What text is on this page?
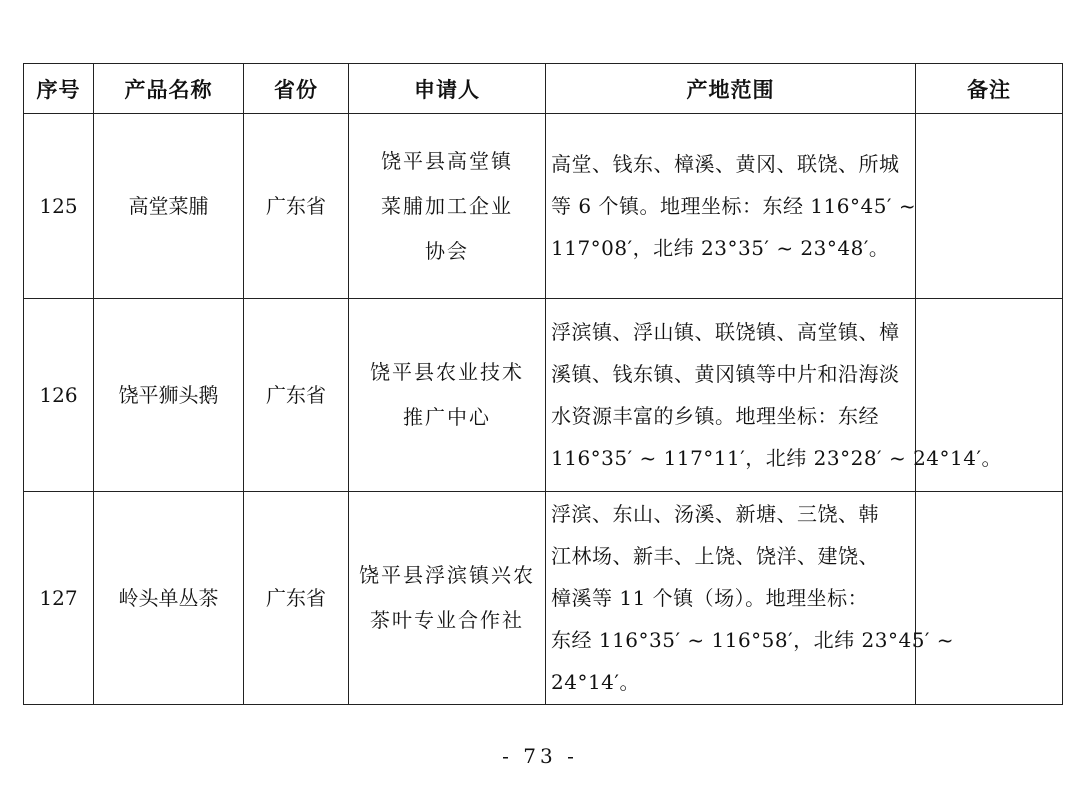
序号	产品名称	省份	申请人	产地范围	备注
125	高堂菜脯	广东省	饶平县高堂镇
菜脯加工企业
协会	高堂、钱东、樟溪、黄冈、联饶、所城
等 6 个镇。地理坐标：东经 116°45′ ~
117°08′，北纬 23°35′ ~ 23°48′。	

126	饶平狮头鹅	广东省	饶平县农业技术
推广中心	浮滨镇、浮山镇、联饶镇、高堂镇、樟
溪镇、钱东镇、黄冈镇等中片和沿海淡
水资源丰富的乡镇。地理坐标：东经
116°35′ ~ 117°11′，北纬 23°28′ ~ 24°14′。	

127	岭头单丛茶	广东省	饶平县浮滨镇兴农
茶叶专业合作社	浮滨、东山、汤溪、新塘、三饶、韩
江林场、新丰、上饶、饶洋、建饶、
樟溪等 11 个镇（场）。地理坐标：
东经 116°35′ ~ 116°58′，北纬 23°45′ ~
24°14′。	

- 73 -
